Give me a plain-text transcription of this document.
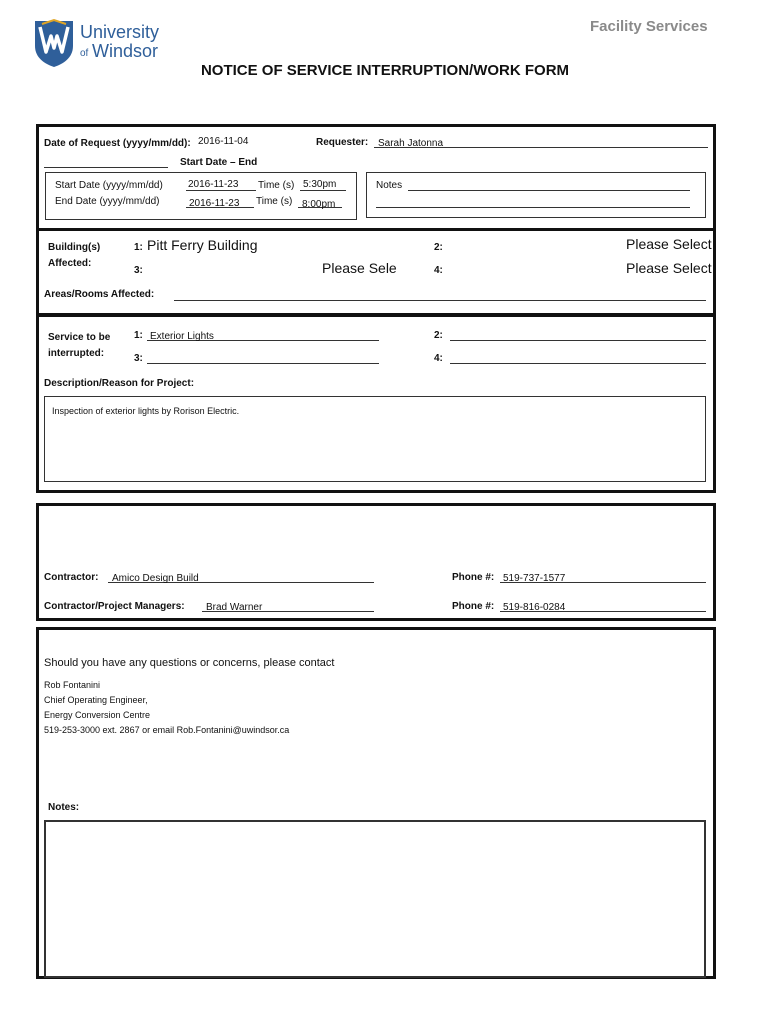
University
of Windsor
Facility Services
NOTICE OF SERVICE INTERRUPTION/WORK FORM
Date of Request (yyyy/mm/dd): 2016-11-04	Requester: Sarah Jatonna
Start Date – End
Start Date (yyyy/mm/dd)	2016-11-23 Time (s) 5:30pm
End Date (yyyy/mm/dd)	2016-11-23 Time (s) 8:00pm
Notes
Building(s)
Affected:
1: Pitt Ferry Building	2:	Please Select
3:	Please Sele	4:	Please Select
Areas/Rooms Affected:
Service to be
interrupted:
1: Exterior Lights	2:
3:	4:
Description/Reason for Project:
Inspection of exterior lights by Rorison Electric.
Contractor: Amico Design Build	Phone #: 519-737-1577
Contractor/Project Managers: Brad Warner	Phone #: 519-816-0284
Should you have any questions or concerns, please contact
Rob Fontanini
Chief Operating Engineer,
Energy Conversion Centre
519-253-3000 ext. 2867 or email Rob.Fontanini@uwindsor.ca
Notes:
